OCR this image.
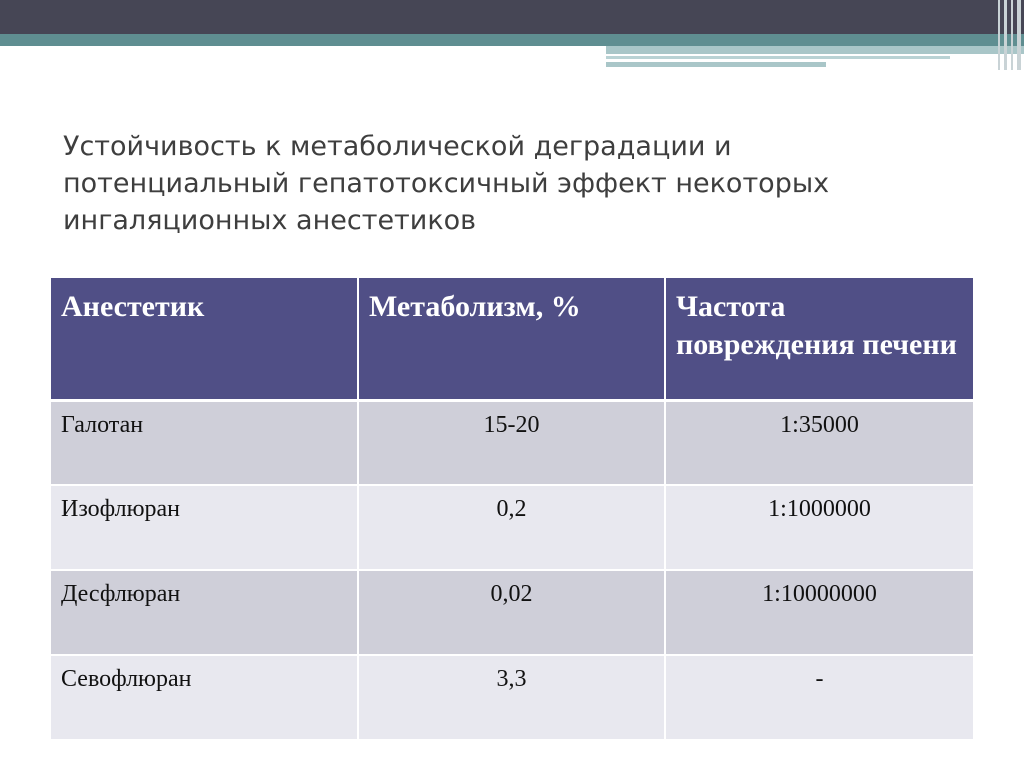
Устойчивость к метаболической деградации и потенциальный гепатотоксичный эффект некоторых ингаляционных анестетиков
Анестетик	Метаболизм, %	Частота повреждения печени
Галотан	15-20	1:35000
Изофлюран	0,2	1:1000000
Десфлюран	0,02	1:10000000
Севофлюран	3,3	-
